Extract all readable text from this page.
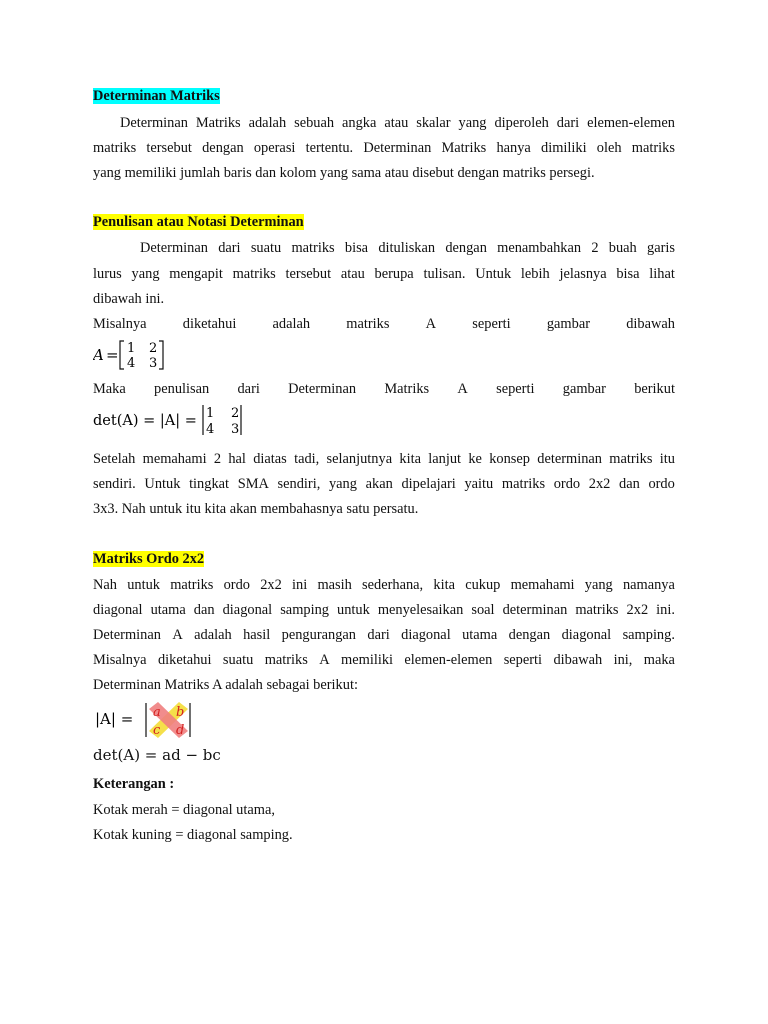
Determinan Matriks
Determinan Matriks adalah sebuah angka atau skalar yang diperoleh dari elemen-elemen
matriks tersebut dengan operasi tertentu. Determinan Matriks hanya dimiliki oleh matriks
yang memiliki jumlah baris dan kolom yang sama atau disebut dengan matriks persegi.
Penulisan atau Notasi Determinan
Determinan dari suatu matriks bisa dituliskan dengan menambahkan 2 buah garis
lurus yang mengapit matriks tersebut atau berupa tulisan. Untuk lebih jelasnya bisa lihat
dibawah ini.
Misalnya	diketahui	adalah	matriks	A	seperti	gambar	dibawah
A = 1 2
4 3
Maka penulisan dari Determinan Matriks A seperti gambar berikut
det(A) = |A| = 1 2
4 3
Setelah memahami 2 hal diatas tadi, selanjutnya kita lanjut ke konsep determinan matriks itu
sendiri. Untuk tingkat SMA sendiri, yang akan dipelajari yaitu matriks ordo 2x2 dan ordo
3x3. Nah untuk itu kita akan membahasnya satu persatu.
Matriks Ordo 2x2
Nah untuk matriks ordo 2x2 ini masih sederhana, kita cukup memahami yang namanya
diagonal utama dan diagonal samping untuk menyelesaikan soal determinan matriks 2x2 ini.
Determinan A adalah hasil pengurangan dari diagonal utama dengan diagonal samping.
Misalnya diketahui suatu matriks A memiliki elemen-elemen seperti dibawah ini, maka
Determinan Matriks A adalah sebagai berikut:
|A| = a b
c d
det(A) = ad − bc
Keterangan :
Kotak merah = diagonal utama,
Kotak kuning = diagonal samping.
